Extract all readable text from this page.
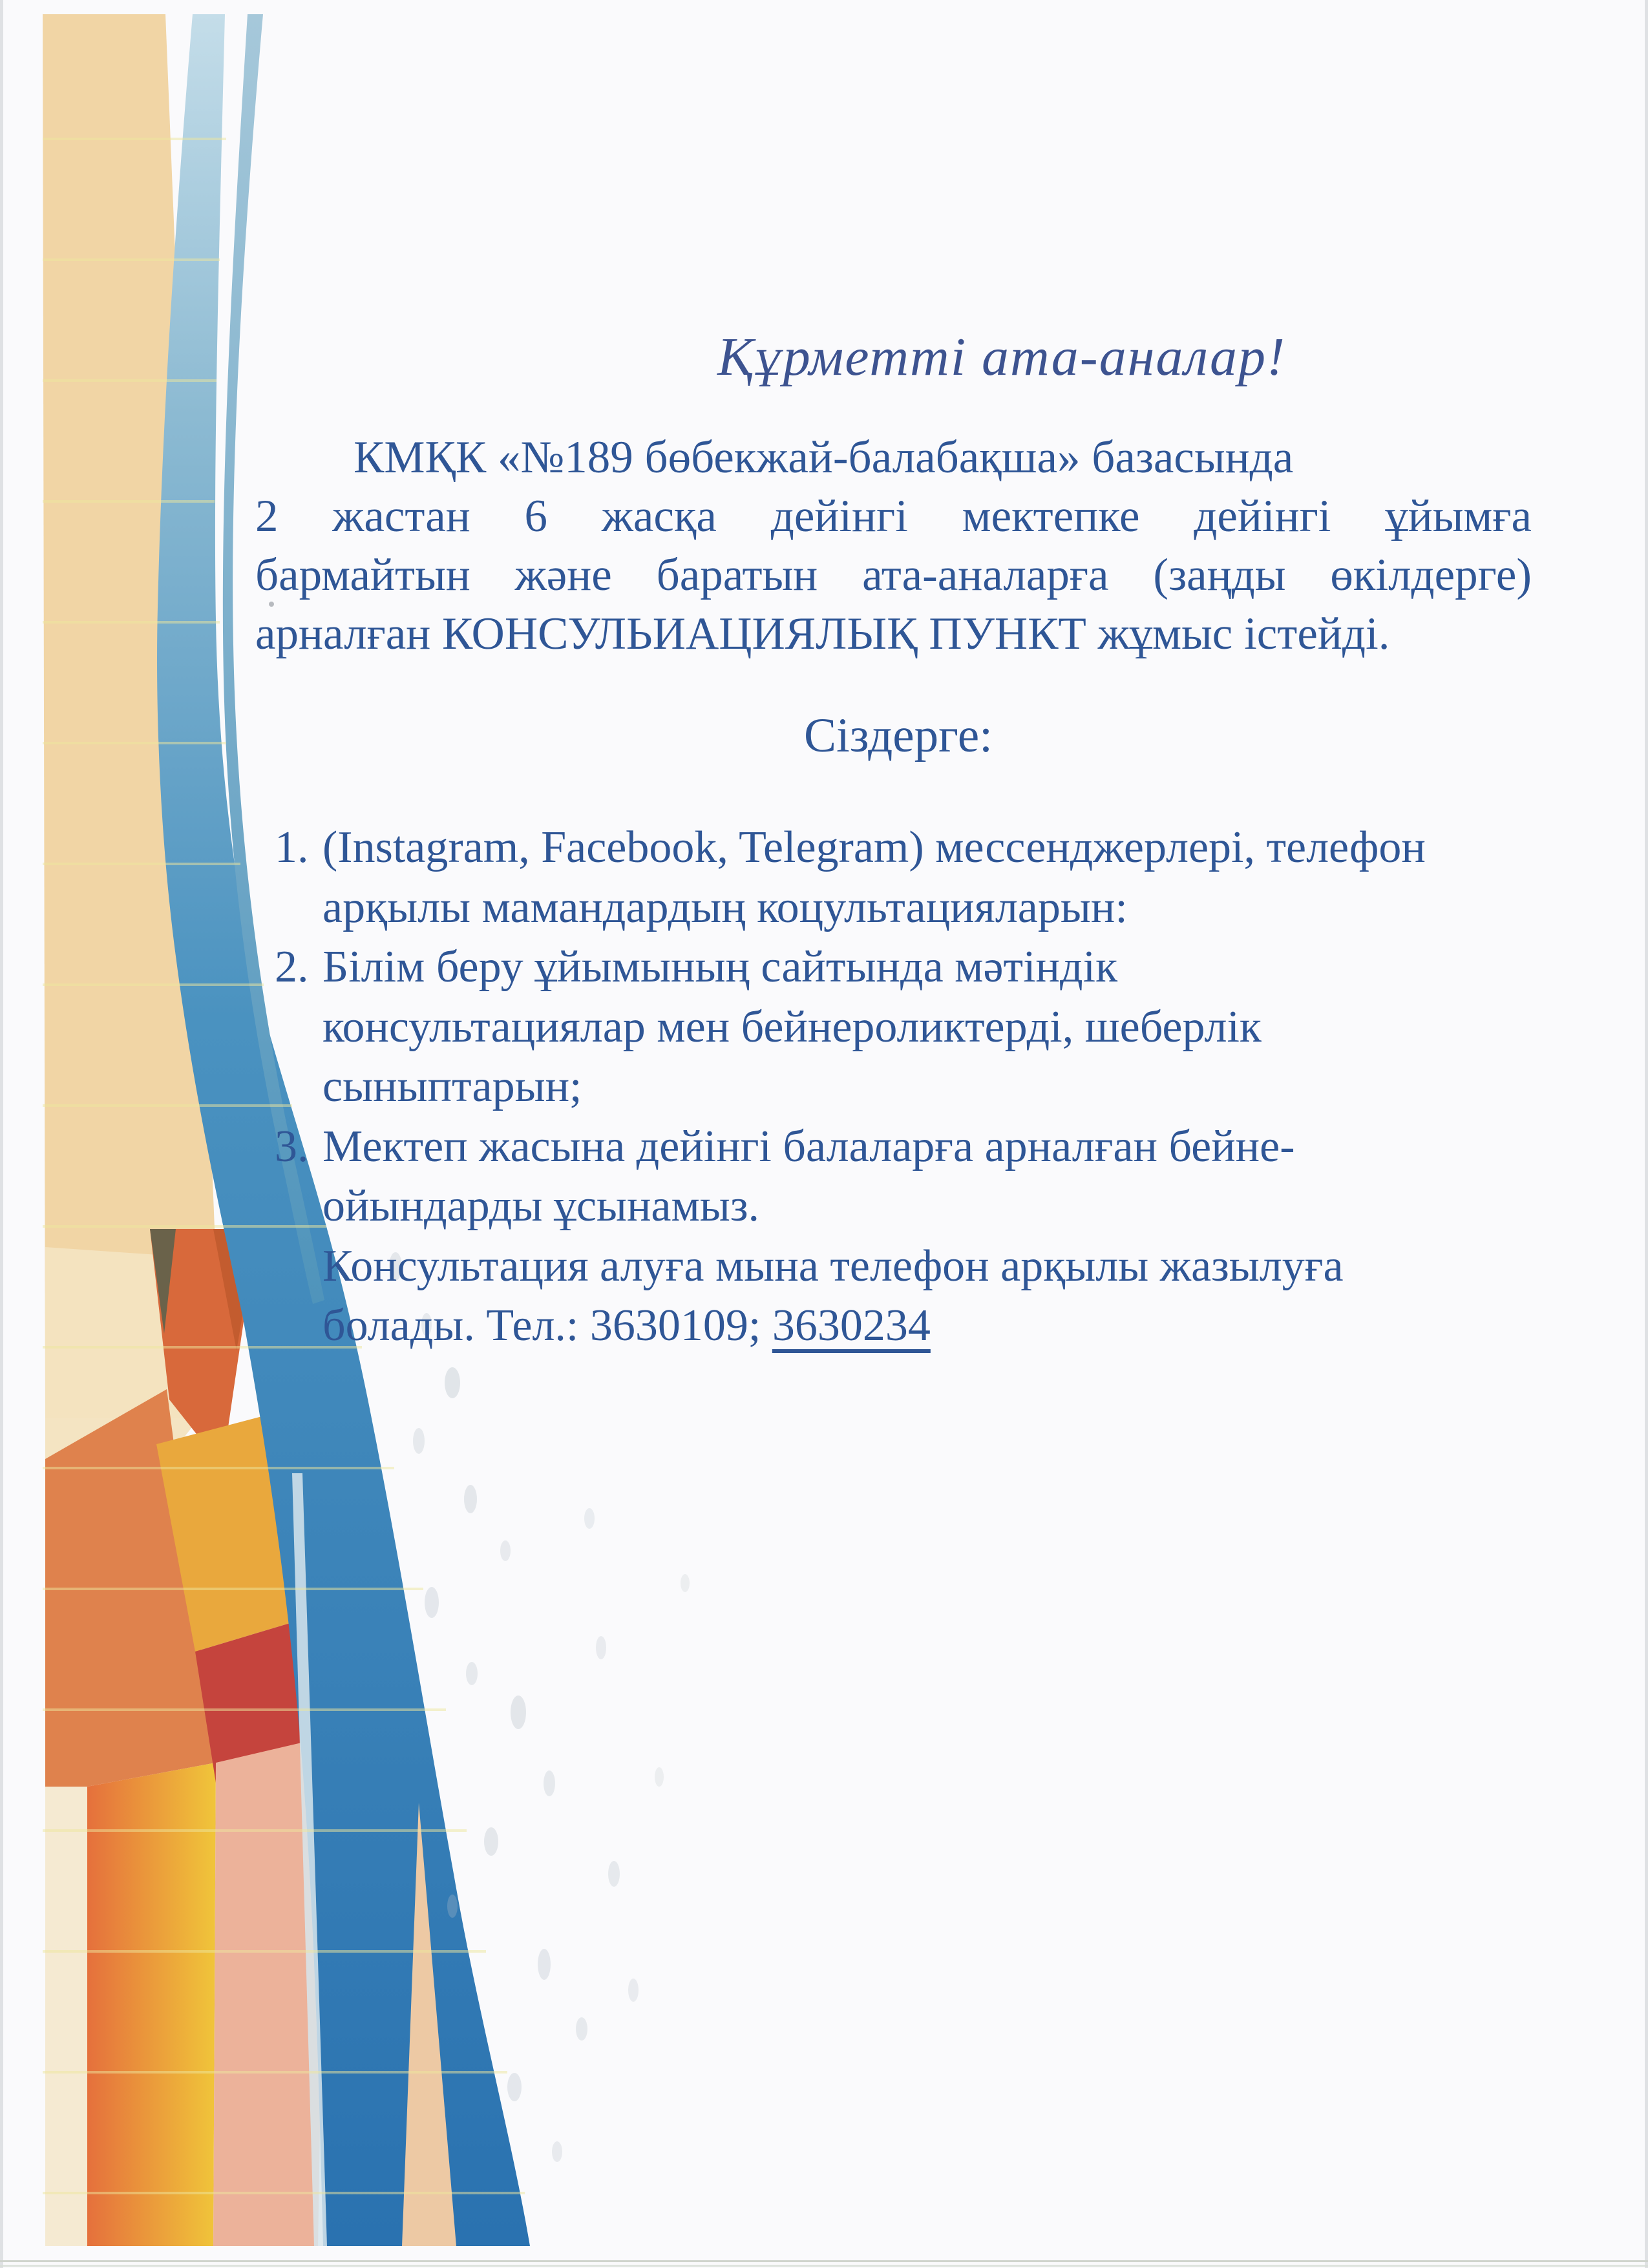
Құрметті ата-аналар!
КМҚК «№189 бөбекжай-балабақша» базасында
2 жастан 6 жасқа дейінгі мектепке дейінгі ұйымға
бармайтын және баратын ата-аналарға (заңды өкілдерге)
арналған КОНСУЛЬИАЦИЯЛЫҚ ПУНКТ жұмыс істейді.
Сіздерге:
1. (Instagram, Facebook, Telegram) мессенджерлері, телефон
арқылы мамандардың коцультацияларын:
2. Білім беру ұйымының сайтында мәтіндік
консультациялар мен бейнероликтерді, шеберлік
сыныптарын;
3. Мектеп жасына дейінгі балаларға арналған бейне-
ойындарды ұсынамыз.
Консультация алуға мына телефон арқылы жазылуға
болады. Тел.: 3630109; 3630234
